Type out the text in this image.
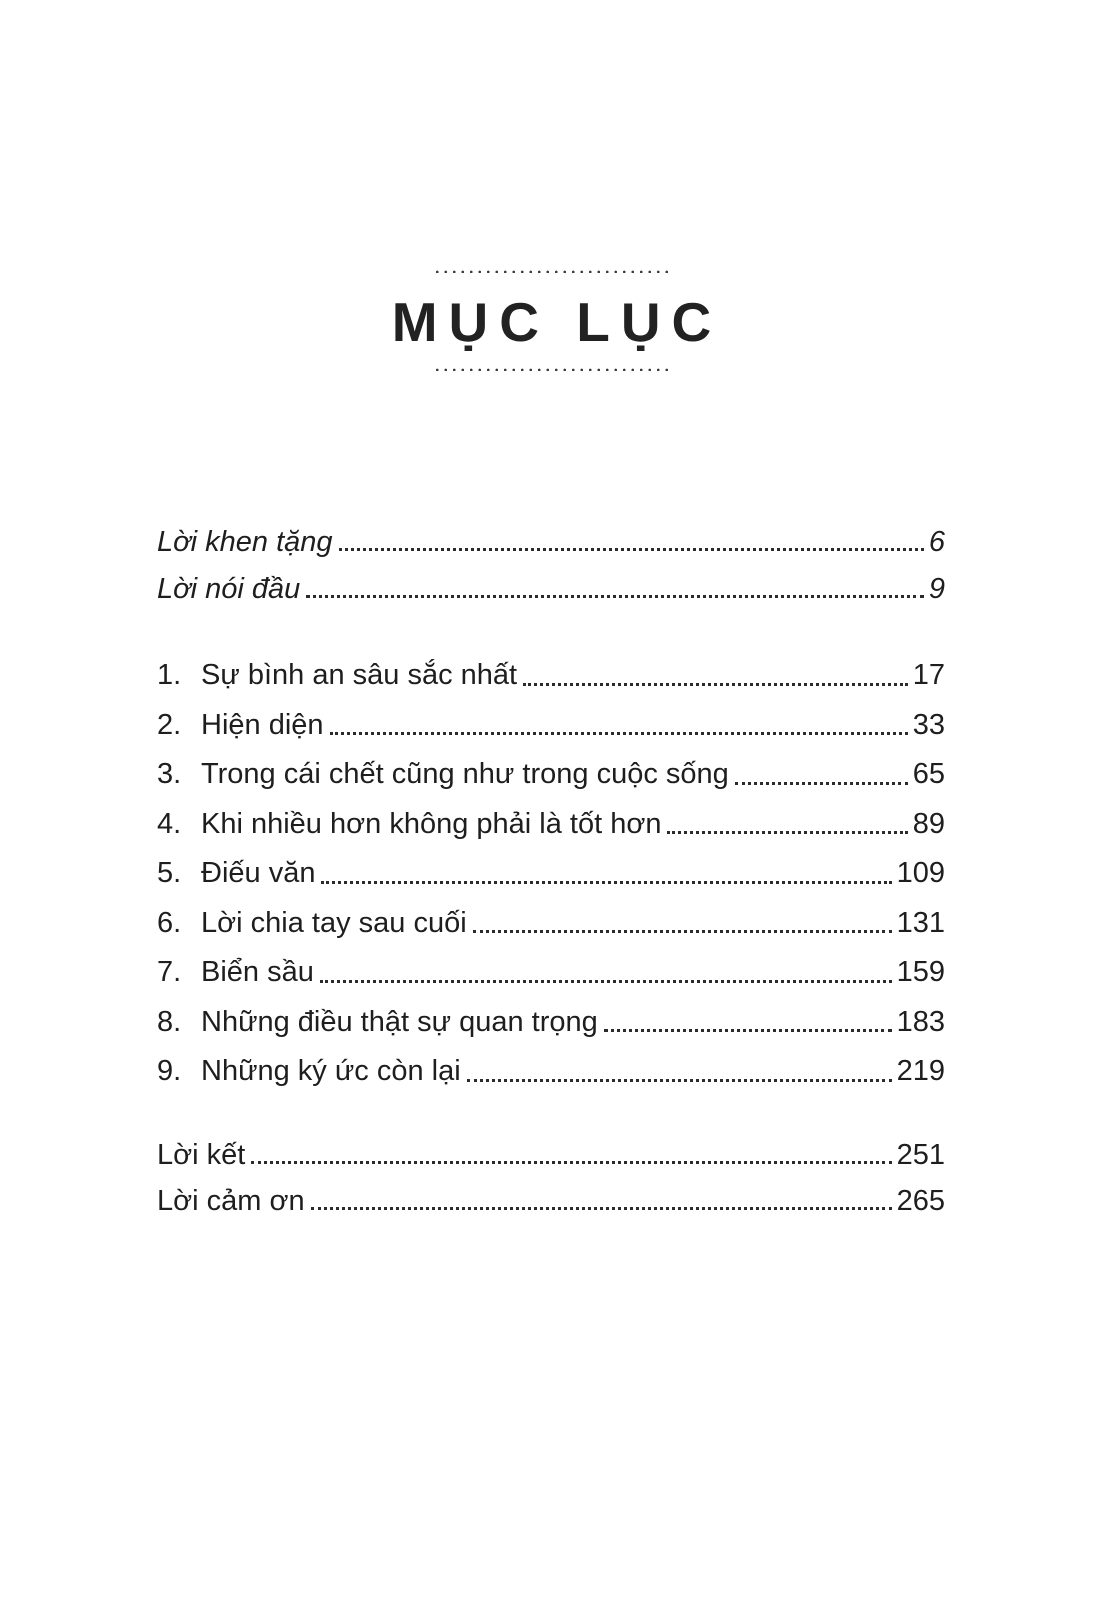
MỤC LỤC
Lời khen tặng	6
Lời nói đầu	9
1. Sự bình an sâu sắc nhất	17
2. Hiện diện	33
3. Trong cái chết cũng như trong cuộc sống	65
4. Khi nhiều hơn không phải là tốt hơn	89
5. Điếu văn	109
6. Lời chia tay sau cuối	131
7. Biển sầu	159
8. Những điều thật sự quan trọng	183
9. Những ký ức còn lại	219
Lời kết	251
Lời cảm ơn	265
